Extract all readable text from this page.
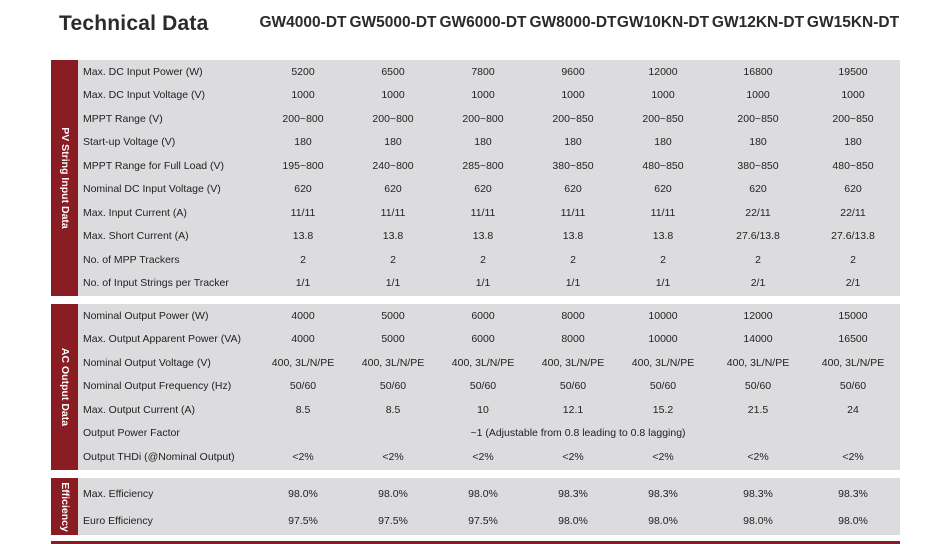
Technical Data	GW4000-DT GW5000-DT GW6000-DT GW8000-DT GW10KN-DT GW12KN-DT GW15KN-DT
PV String Input Data
Max. DC Input Power (W)	5200	6500	7800	9600	12000	16800	19500
Max. DC Input Voltage (V)	1000	1000	1000	1000	1000	1000	1000
MPPT Range (V)	200~800	200~800	200~800	200~850	200~850	200~850	200~850
Start-up Voltage (V)	180	180	180	180	180	180	180
MPPT Range for Full Load (V)	195~800	240~800	285~800	380~850	480~850	380~850	480~850
Nominal DC Input Voltage (V)	620	620	620	620	620	620	620
Max. Input Current (A)	11/11	11/11	11/11	11/11	11/11	22/11	22/11
Max. Short Current (A)	13.8	13.8	13.8	13.8	13.8	27.6/13.8	27.6/13.8
No. of MPP Trackers	2	2	2	2	2	2	2
No. of Input Strings per Tracker	1/1	1/1	1/1	1/1	1/1	2/1	2/1
AC Output Data
Nominal Output Power (W)	4000	5000	6000	8000	10000	12000	15000
Max. Output Apparent Power (VA)	4000	5000	6000	8000	10000	14000	16500
Nominal Output Voltage (V)	400, 3L/N/PE	400, 3L/N/PE	400, 3L/N/PE	400, 3L/N/PE	400, 3L/N/PE	400, 3L/N/PE	400, 3L/N/PE
Nominal Output Frequency (Hz)	50/60	50/60	50/60	50/60	50/60	50/60	50/60
Max. Output Current (A)	8.5	8.5	10	12.1	15.2	21.5	24
Output Power Factor	~1 (Adjustable from 0.8 leading to 0.8 lagging)
Output THDi (@Nominal Output)	<2%	<2%	<2%	<2%	<2%	<2%	<2%
Efficiency Max. Efficiency	98.0%	98.0%	98.0%	98.3%	98.3%	98.3%	98.3%
Euro Efficiency	97.5%	97.5%	97.5%	98.0%	98.0%	98.0%	98.0%
